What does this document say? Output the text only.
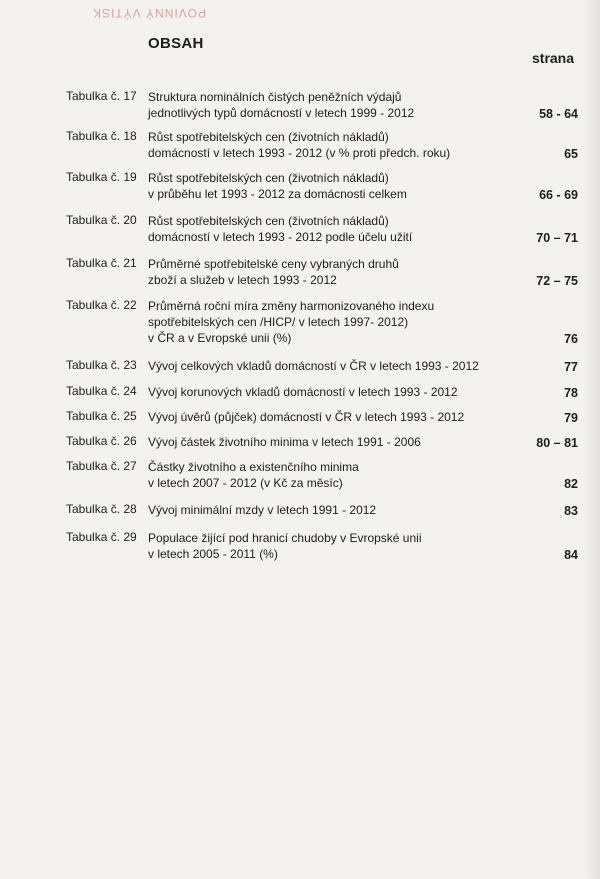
POVINNÝ VÝTISK
OBSAH
strana
Tabulka č. 17 Struktura nominálních čistých peněžních výdajů
jednotlivých typů domácností v letech 1999 - 2012	58 - 64
Tabulka č. 18 Růst spotřebitelských cen (životních nákladů)
domácností v letech 1993 - 2012 (v % proti předch. roku)	65
Tabulka č. 19 Růst spotřebitelských cen (životních nákladů)
v průběhu let 1993 - 2012 za domácnosti celkem	66 - 69
Tabulka č. 20 Růst spotřebitelských cen (životních nákladů)
domácností v letech 1993 - 2012 podle účelu užití	70 – 71
Tabulka č. 21 Průměrné spotřebitelské ceny vybraných druhů
zboží a služeb v letech 1993 - 2012	72 – 75
Tabulka č. 22 Průměrná roční míra změny harmonizovaného indexu
spotřebitelských cen /HICP/ v letech 1997- 2012)
v ČR a v Evropské unii (%)	76
Tabulka č. 23 Vývoj celkových vkladů domácností v ČR v letech 1993 - 2012	77
Tabulka č. 24 Vývoj korunových vkladů domácností v letech 1993 - 2012	78
Tabulka č. 25 Vývoj úvěrů (půjček) domácností v ČR v letech 1993 - 2012	79
Tabulka č. 26 Vývoj částek životního minima v letech 1991 - 2006	80 – 81
Tabulka č. 27 Částky životního a existenčního minima
v letech 2007 - 2012 (v Kč za měsíc)	82
Tabulka č. 28 Vývoj minimální mzdy v letech 1991 - 2012	83
Tabulka č. 29 Populace žijící pod hranicí chudoby v Evropské unii
v letech 2005 - 2011 (%)	84
